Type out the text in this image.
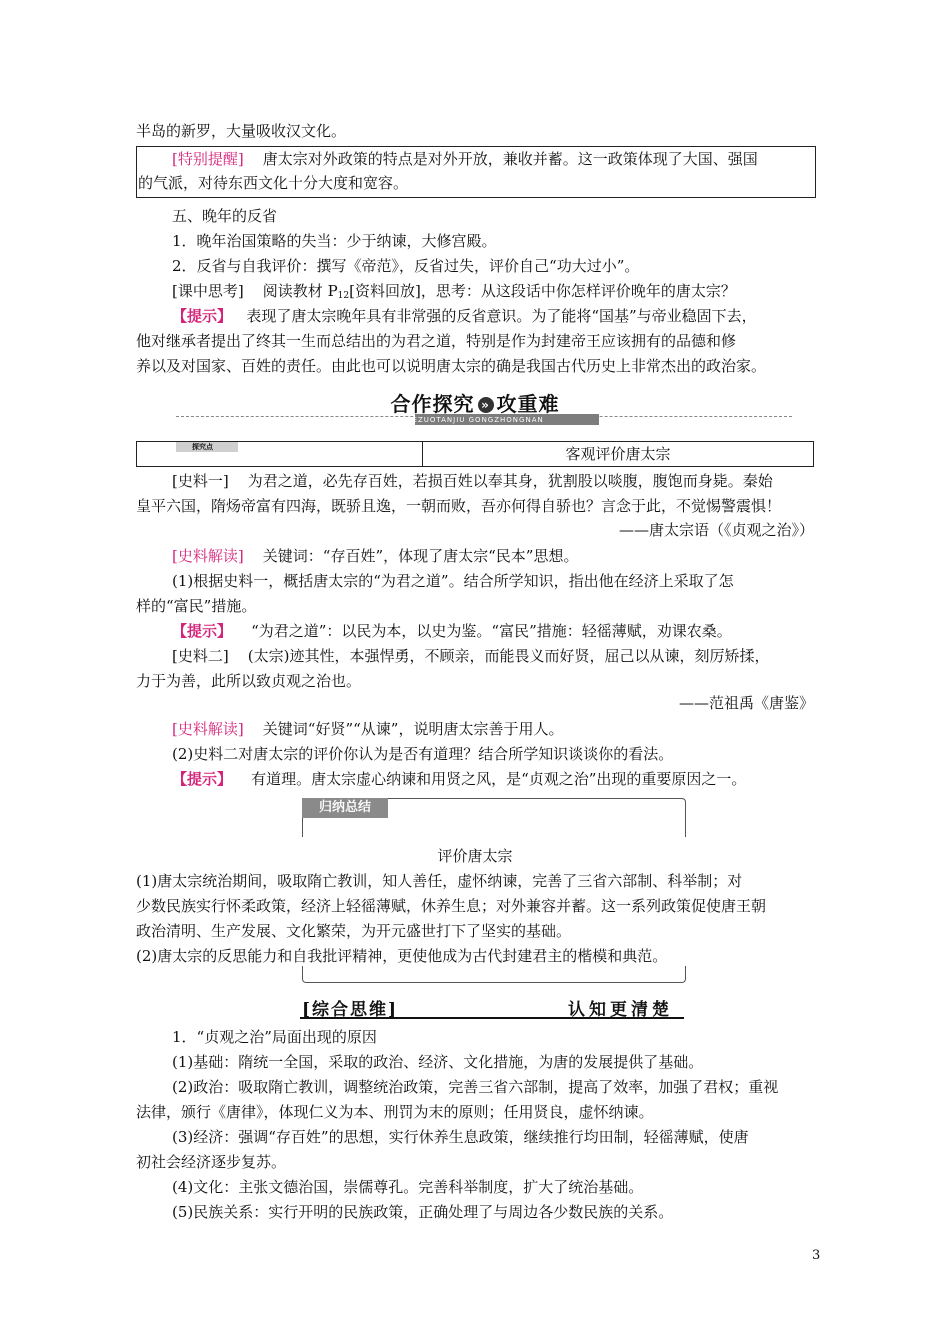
半岛的新罗，大量吸收汉文化。
[特别提醒] 唐太宗对外政策的特点是对外开放，兼收并蓄。这一政策体现了大国、强国
的气派，对待东西文化十分大度和宽容。
五、晚年的反省
1．晚年治国策略的失当：少于纳谏，大修宫殿。
2．反省与自我评价：撰写《帝范》，反省过失，评价自己“功大过小”。
[课中思考] 阅读教材 $P_{12}$[资料回放]，思考：从这段话中你怎样评价晚年的唐太宗？
【提示】 表现了唐太宗晚年具有非常强的反省意识。为了能将“国基”与帝业稳固下去，
他对继承者提出了终其一生而总结出的为君之道，特别是作为封建帝王应该拥有的品德和修
养以及对国家、百姓的责任。由此也可以说明唐太宗的确是我国古代历史上非常杰出的政治家。
合作探究 » 攻重难
HEZUOTANJIU GONGZHONGNAN
探究点	客观评价唐太宗
[史料一] 为君之道，必先存百姓，若损百姓以奉其身，犹割股以啖腹，腹饱而身毙。秦始
皇平六国，隋炀帝富有四海，既骄且逸，一朝而败，吾亦何得自骄也？言念于此，不觉惕警震惧！
——唐太宗语（《贞观之治》）
[史料解读] 关键词：“存百姓”，体现了唐太宗“民本”思想。
(1)根据史料一，概括唐太宗的“为君之道”。结合所学知识，指出他在经济上采取了怎
样的“富民”措施。
【提示】 “为君之道”：以民为本，以史为鉴。“富民”措施：轻徭薄赋，劝课农桑。
[史料二] (太宗)迹其性，本强悍勇，不顾亲，而能畏义而好贤，屈己以从谏，刻厉矫揉，
力于为善，此所以致贞观之治也。
——范祖禹《唐鉴》
[史料解读] 关键词“好贤”“从谏”，说明唐太宗善于用人。
(2)史料二对唐太宗的评价你认为是否有道理？结合所学知识谈谈你的看法。
【提示】 有道理。唐太宗虚心纳谏和用贤之风，是“贞观之治”出现的重要原因之一。
归纳总结
评价唐太宗
(1)唐太宗统治期间，吸取隋亡教训，知人善任，虚怀纳谏，完善了三省六部制、科举制；对
少数民族实行怀柔政策，经济上轻徭薄赋，休养生息；对外兼容并蓄。这一系列政策促使唐王朝
政治清明、生产发展、文化繁荣，为开元盛世打下了坚实的基础。
(2)唐太宗的反思能力和自我批评精神，更使他成为古代封建君主的楷模和典范。
[综合思维]	认知更清楚
1．“贞观之治”局面出现的原因
(1)基础：隋统一全国，采取的政治、经济、文化措施，为唐的发展提供了基础。
(2)政治：吸取隋亡教训，调整统治政策，完善三省六部制，提高了效率，加强了君权；重视
法律，颁行《唐律》，体现仁义为本、刑罚为末的原则；任用贤良，虚怀纳谏。
(3)经济：强调“存百姓”的思想，实行休养生息政策，继续推行均田制，轻徭薄赋，使唐
初社会经济逐步复苏。
(4)文化：主张文德治国，崇儒尊孔。完善科举制度，扩大了统治基础。
(5)民族关系：实行开明的民族政策，正确处理了与周边各少数民族的关系。
3
